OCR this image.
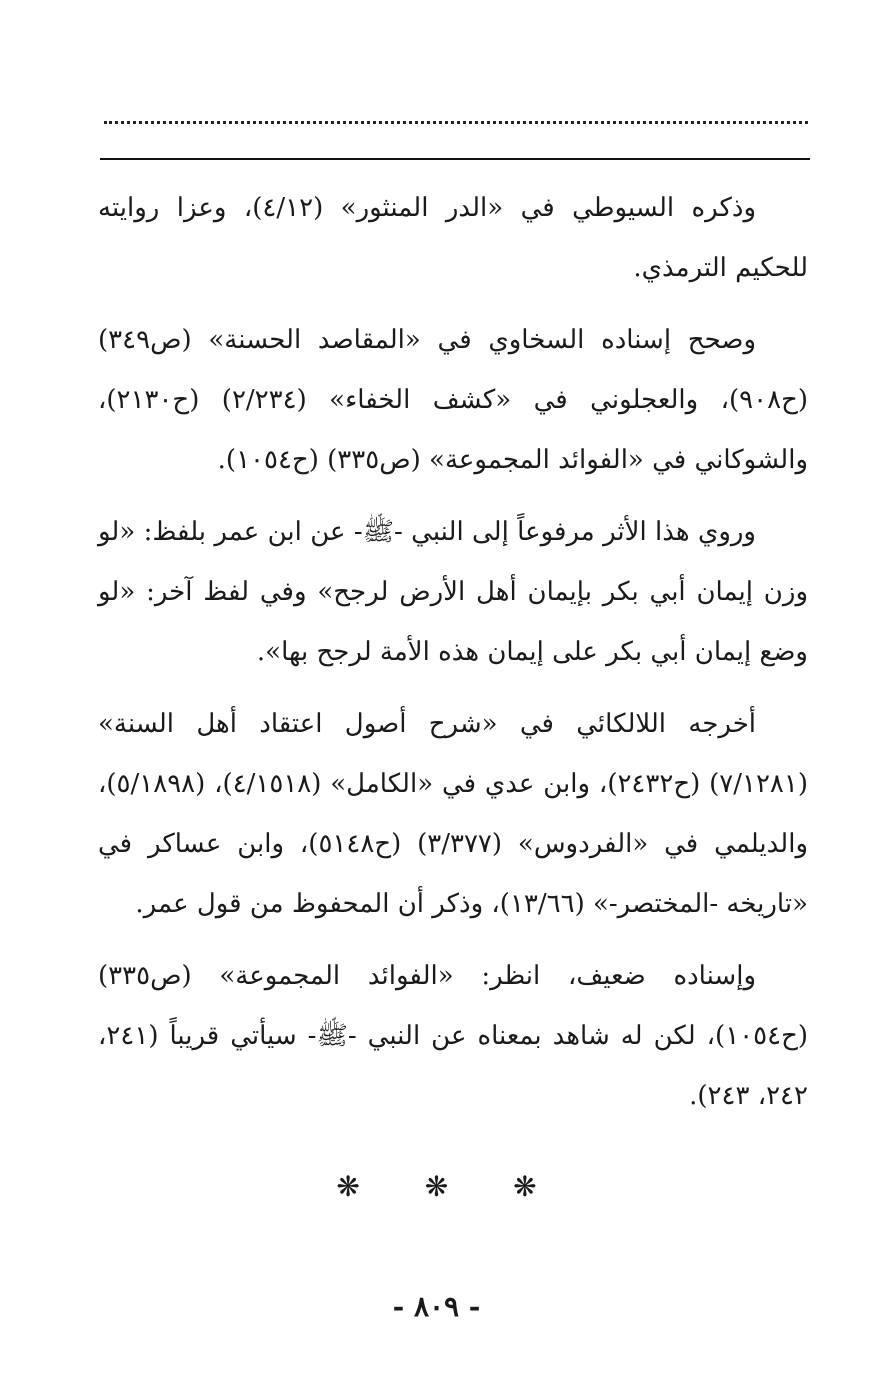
وذكره السيوطي في «الدر المنثور» (٤/١٢)، وعزا روايته للحكيم الترمذي.

وصحح إسناده السخاوي في «المقاصد الحسنة» (ص٣٤٩) (ح٩٠٨)، والعجلوني في «كشف الخفاء» (٢/٢٣٤) (ح٢١٣٠)، والشوكاني في «الفوائد المجموعة» (ص٣٣٥) (ح١٠٥٤).

وروي هذا الأثر مرفوعاً إلى النبي -ﷺ- عن ابن عمر بلفظ: «لو وزن إيمان أبي بكر بإيمان أهل الأرض لرجح» وفي لفظ آخر: «لو وضع إيمان أبي بكر على إيمان هذه الأمة لرجح بها».

أخرجه اللالكائي في «شرح أصول اعتقاد أهل السنة» (٧/١٢٨١) (ح٢٤٣٢)، وابن عدي في «الكامل» (٤/١٥١٨)، (٥/١٨٩٨)، والديلمي في «الفردوس» (٣/٣٧٧) (ح٥١٤٨)، وابن عساكر في «تاريخه -المختصر-» (١٣/٦٦)، وذكر أن المحفوظ من قول عمر.

وإسناده ضعيف، انظر: «الفوائد المجموعة» (ص٣٣٥) (ح١٠٥٤)، لكن له شاهد بمعناه عن النبي -ﷺ- سيأتي قريباً (٢٤١، ٢٤٢، ٢٤٣).

❋ ❋ ❋
- ٨٠٩ -
